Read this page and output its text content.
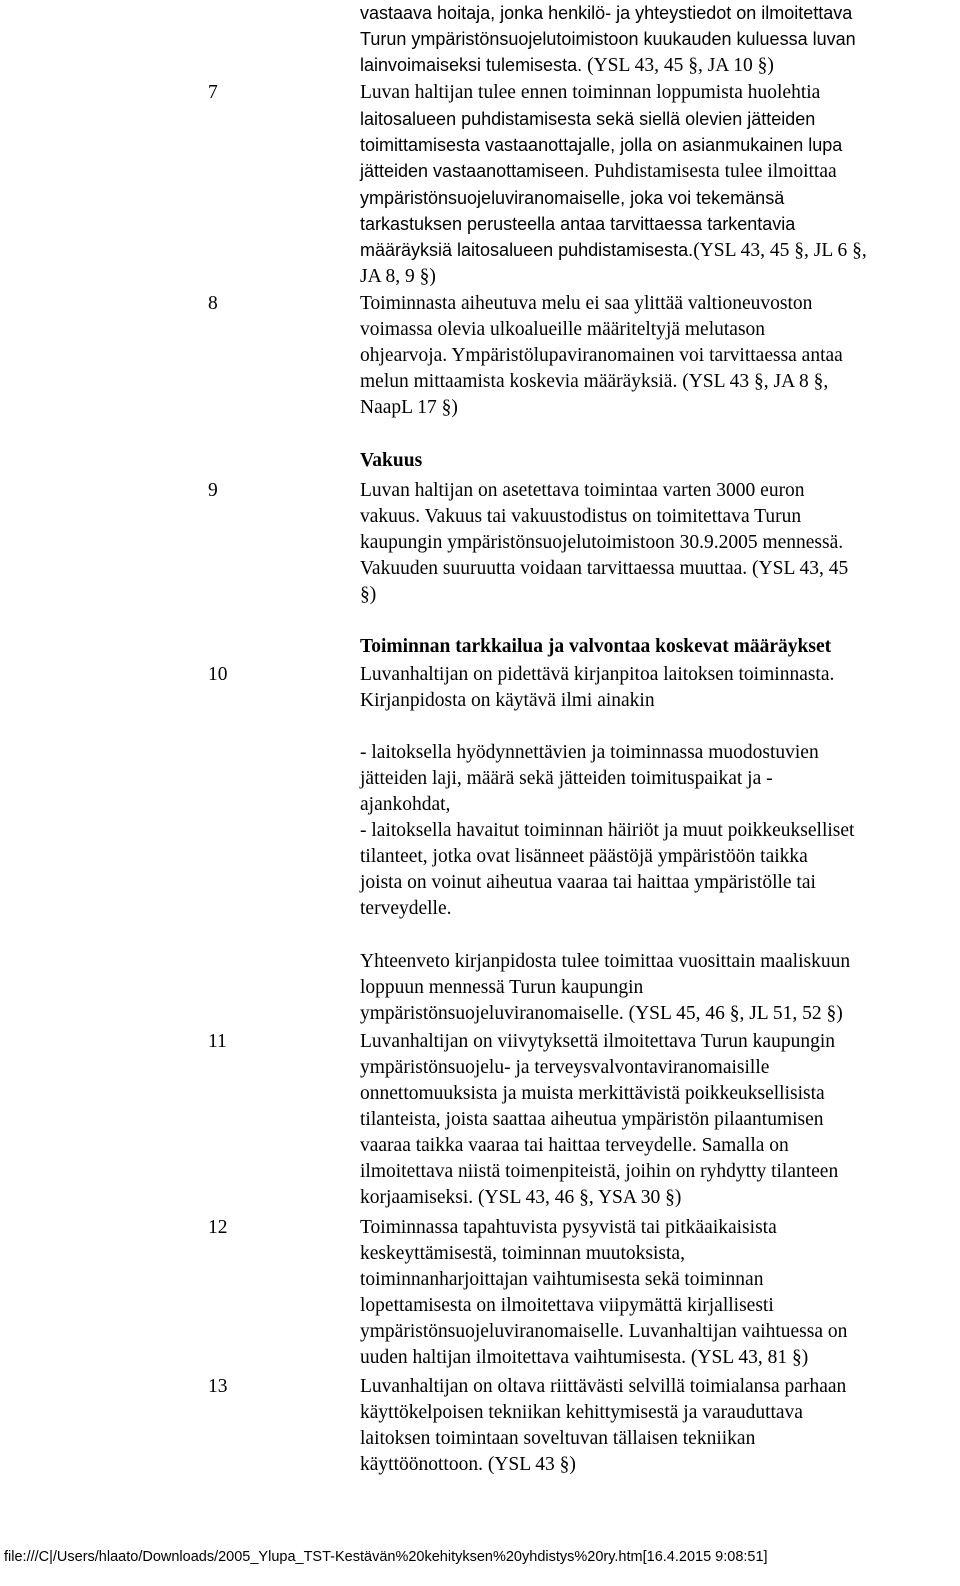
vastaava hoitaja, jonka henkilö- ja yhteystiedot on ilmoitettava
Turun ympäristönsuojelutoimistoon kuukauden kuluessa luvan
lainvoimaiseksi tulemisesta. (YSL 43, 45 §, JA 10 §)
7	Luvan haltijan tulee ennen toiminnan loppumista huolehtia
laitosalueen puhdistamisesta sekä siellä olevien jätteiden
toimittamisesta vastaanottajalle, jolla on asianmukainen lupa
jätteiden vastaanottamiseen. Puhdistamisesta tulee ilmoittaa
ympäristönsuojeluviranomaiselle, joka voi tekemänsä
tarkastuksen perusteella antaa tarvittaessa tarkentavia
määräyksiä laitosalueen puhdistamisesta.(YSL 43, 45 §, JL 6 §,
JA 8, 9 §)
8	Toiminnasta aiheutuva melu ei saa ylittää valtioneuvoston
voimassa olevia ulkoalueille määriteltyjä melutason
ohjearvoja. Ympäristölupaviranomainen voi tarvittaessa antaa
melun mittaamista koskevia määräyksiä. (YSL 43 §, JA 8 §,
NaapL 17 §)
Vakuus
9	Luvan haltijan on asetettava toimintaa varten 3000 euron
vakuus. Vakuus tai vakuustodistus on toimitettava Turun
kaupungin ympäristönsuojelutoimistoon 30.9.2005 mennessä.
Vakuuden suuruutta voidaan tarvittaessa muuttaa. (YSL 43, 45
§)
Toiminnan tarkkailua ja valvontaa koskevat määräykset
10	Luvanhaltijan on pidettävä kirjanpitoa laitoksen toiminnasta.
Kirjanpidosta on käytävä ilmi ainakin
- laitoksella hyödynnettävien ja toiminnassa muodostuvien
jätteiden laji, määrä sekä jätteiden toimituspaikat ja -
ajankohdat,
- laitoksella havaitut toiminnan häiriöt ja muut poikkeukselliset
tilanteet, jotka ovat lisänneet päästöjä ympäristöön taikka
joista on voinut aiheutua vaaraa tai haittaa ympäristölle tai
terveydelle.
Yhteenveto kirjanpidosta tulee toimittaa vuosittain maaliskuun
loppuun mennessä Turun kaupungin
ympäristönsuojeluviranomaiselle. (YSL 45, 46 §, JL 51, 52 §)
11	Luvanhaltijan on viivytyksettä ilmoitettava Turun kaupungin
ympäristönsuojelu- ja terveysvalvontaviranomaisille
onnettomuuksista ja muista merkittävistä poikkeuksellisista
tilanteista, joista saattaa aiheutua ympäristön pilaantumisen
vaaraa taikka vaaraa tai haittaa terveydelle. Samalla on
ilmoitettava niistä toimenpiteistä, joihin on ryhdytty tilanteen
korjaamiseksi. (YSL 43, 46 §, YSA 30 §)
12	Toiminnassa tapahtuvista pysyvistä tai pitkäaikaisista
keskeyttämisestä, toiminnan muutoksista,
toiminnanharjoittajan vaihtumisesta sekä toiminnan
lopettamisesta on ilmoitettava viipymättä kirjallisesti
ympäristönsuojeluviranomaiselle. Luvanhaltijan vaihtuessa on
uuden haltijan ilmoitettava vaihtumisesta. (YSL 43, 81 §)
13	Luvanhaltijan on oltava riittävästi selvillä toimialansa parhaan
käyttökelpoisen tekniikan kehittymisestä ja varauduttava
laitoksen toimintaan soveltuvan tällaisen tekniikan
käyttöönottoon. (YSL 43 §)
file:///C|/Users/hlaato/Downloads/2005_Ylupa_TST-Kestävän%20kehityksen%20yhdistys%20ry.htm[16.4.2015 9:08:51]
